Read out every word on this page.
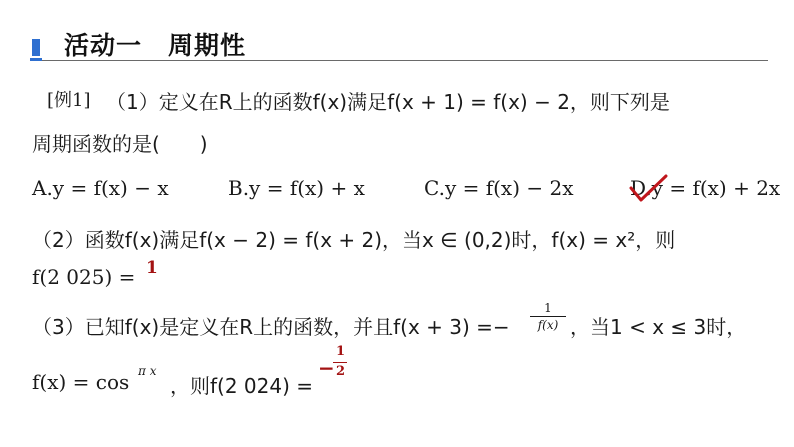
活动一　周期性
[例1] （1）定义在R上的函数f(x)满足f(x + 1) = f(x) − 2，则下列是
周期函数的是(　　)
A.y = f(x) − x	B.y = f(x) + x	C.y = f(x) − 2x	D.y = f(x) + 2x
（2）函数f(x)满足f(x − 2) = f(x + 2)，当x ∈ (0,2)时，f(x) = x²，则
f(2 025) = 1
（3）已知f(x)是定义在R上的函数，并且f(x + 3) =−
1
f(x) ，当1 < x ≤ 3时，
f(x) = cos π x
，则f(2 024) =
−
1
2
